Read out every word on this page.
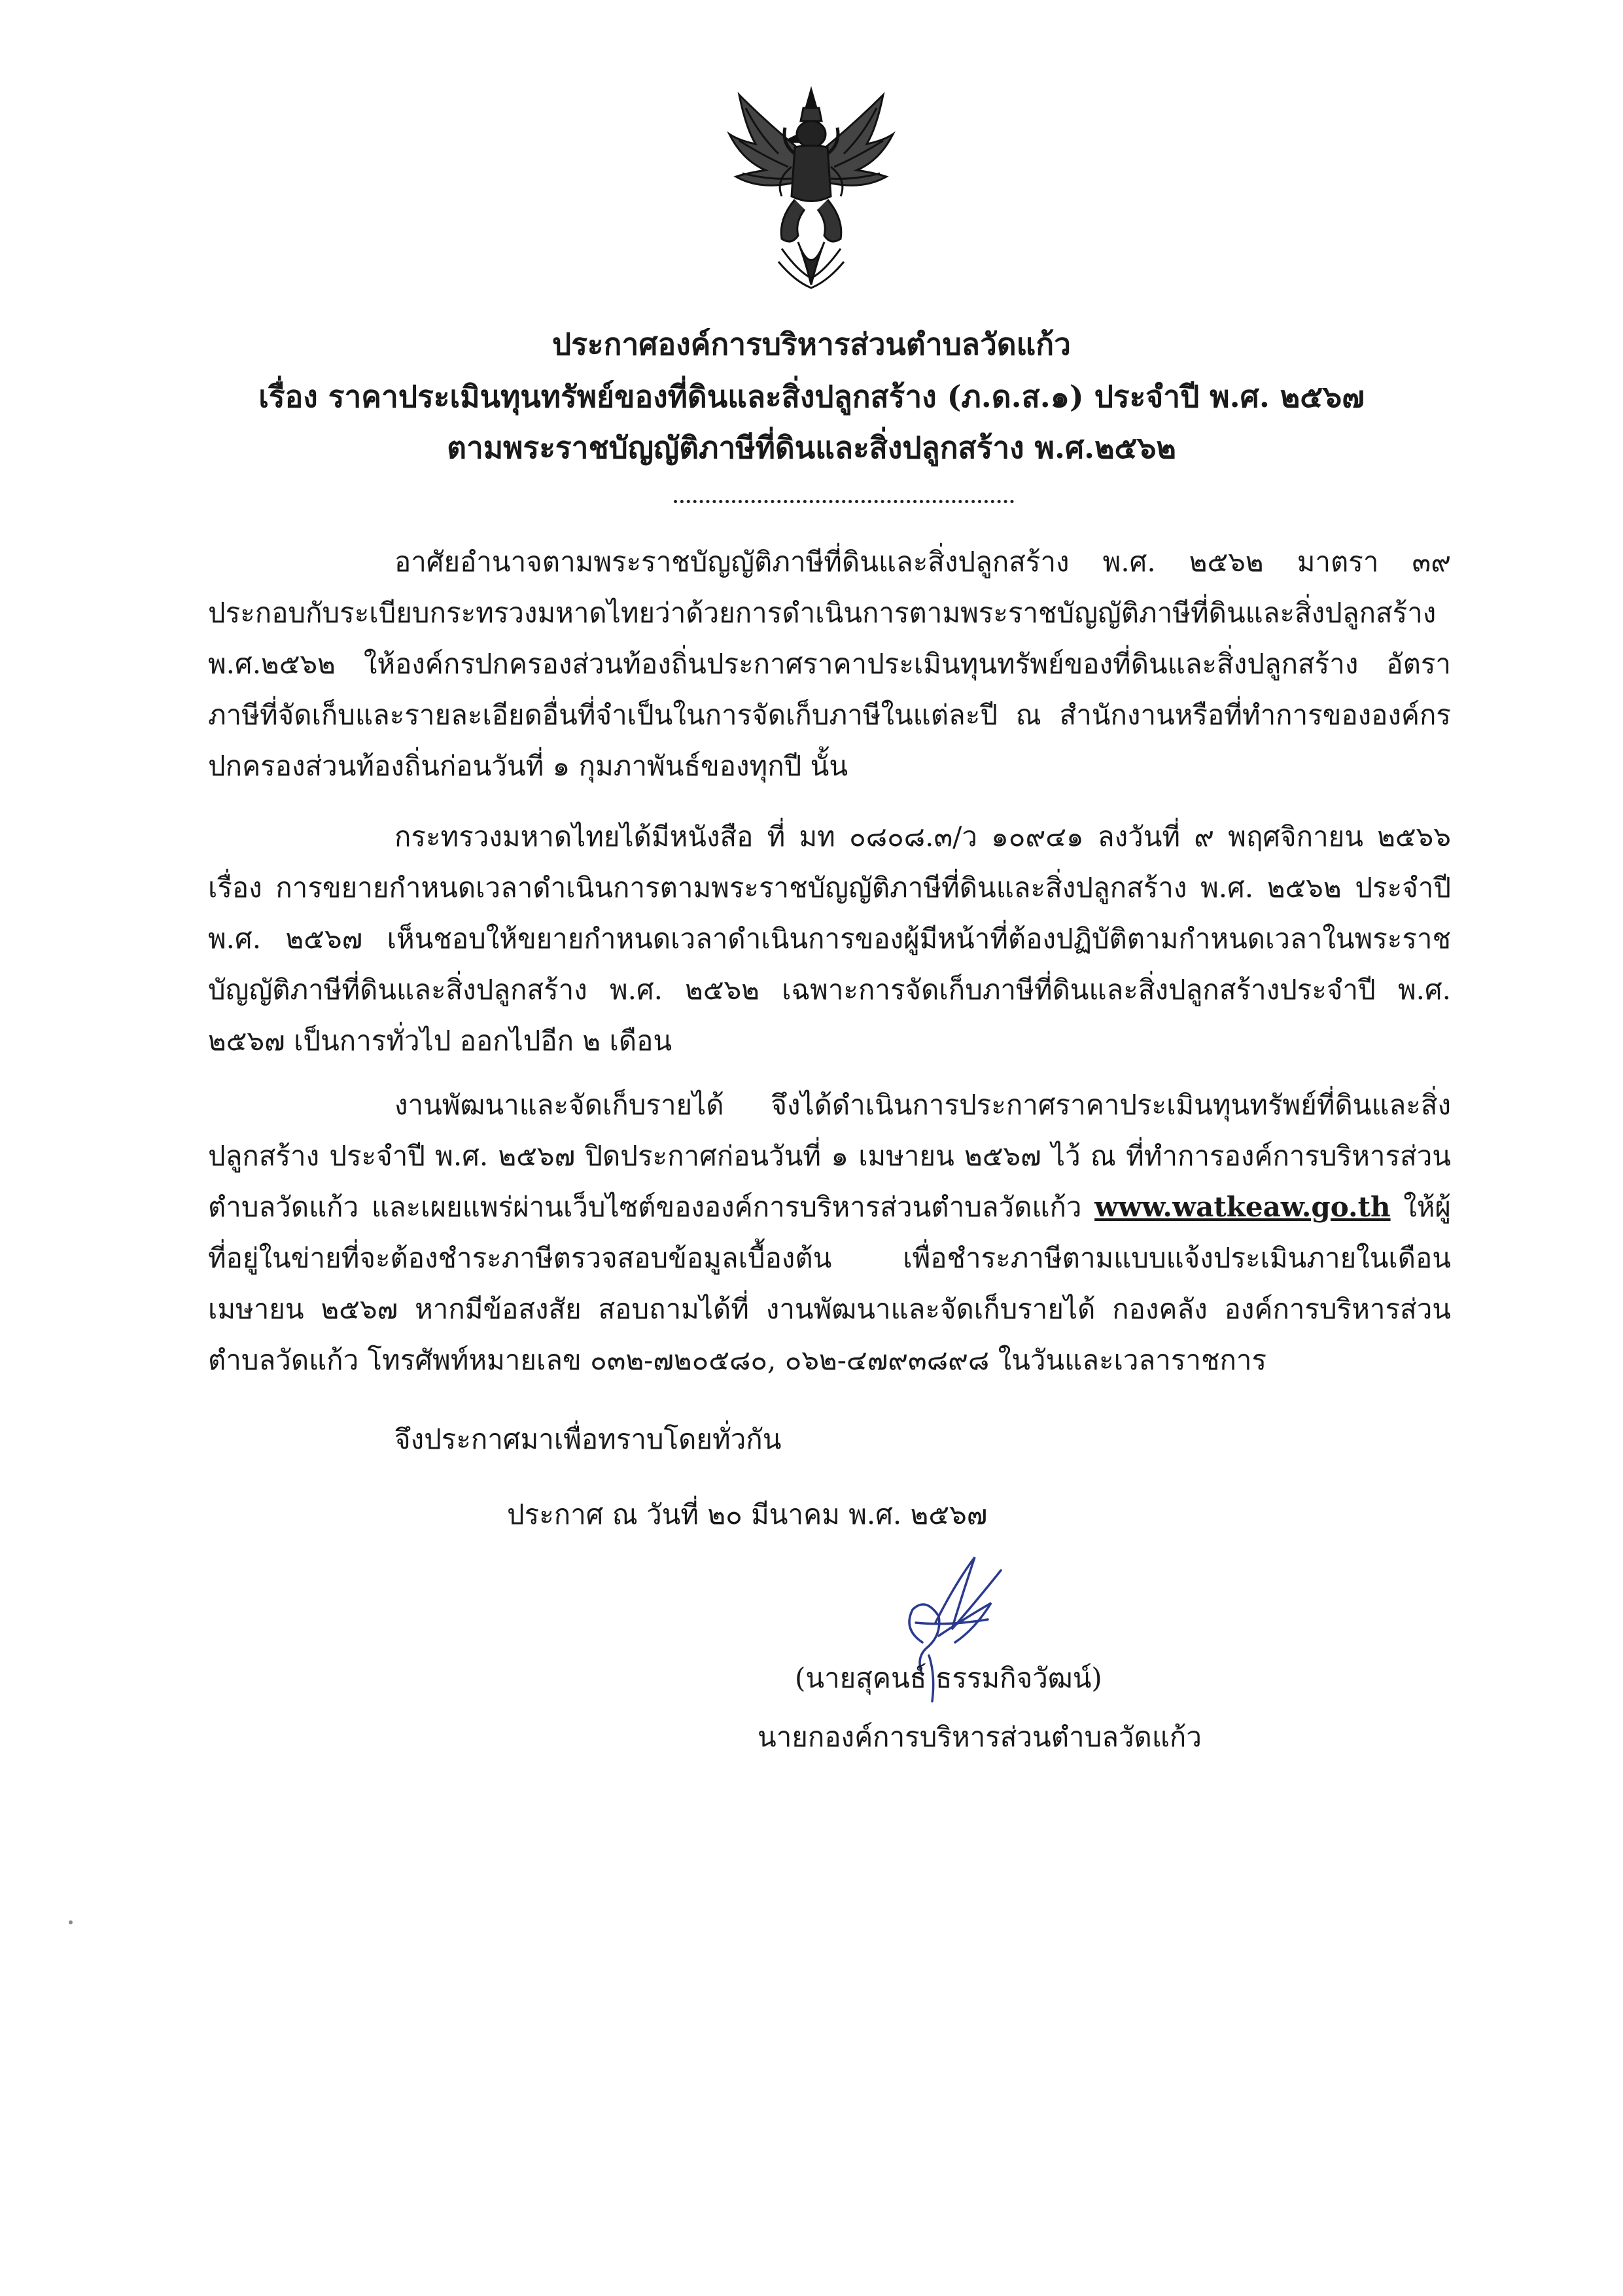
ประกาศองค์การบริหารส่วนตำบลวัดแก้ว
เรื่อง ราคาประเมินทุนทรัพย์ของที่ดินและสิ่งปลูกสร้าง (ภ.ด.ส.๑) ประจำปี พ.ศ. ๒๕๖๗
ตามพระราชบัญญัติภาษีที่ดินและสิ่งปลูกสร้าง พ.ศ.๒๕๖๒

อาศัยอำนาจตามพระราชบัญญัติภาษีที่ดินและสิ่งปลูกสร้าง พ.ศ. ๒๕๖๒ มาตรา ๓๙ ประกอบกับระเบียบกระทรวงมหาดไทยว่าด้วยการดำเนินการตามพระราชบัญญัติภาษีที่ดินและสิ่งปลูกสร้าง พ.ศ.๒๕๖๒ ให้องค์กรปกครองส่วนท้องถิ่นประกาศราคาประเมินทุนทรัพย์ของที่ดินและสิ่งปลูกสร้าง อัตราภาษีที่จัดเก็บและรายละเอียดอื่นที่จำเป็นในการจัดเก็บภาษีในแต่ละปี ณ สำนักงานหรือที่ทำการขององค์กรปกครองส่วนท้องถิ่นก่อนวันที่ ๑ กุมภาพันธ์ของทุกปี นั้น

กระทรวงมหาดไทยได้มีหนังสือ ที่ มท ๐๘๐๘.๓/ว ๑๐๙๔๑ ลงวันที่ ๙ พฤศจิกายน ๒๕๖๖ เรื่อง การขยายกำหนดเวลาดำเนินการตามพระราชบัญญัติภาษีที่ดินและสิ่งปลูกสร้าง พ.ศ. ๒๕๖๒ ประจำปี พ.ศ. ๒๕๖๗ เห็นชอบให้ขยายกำหนดเวลาดำเนินการของผู้มีหน้าที่ต้องปฏิบัติตามกำหนดเวลาในพระราชบัญญัติภาษีที่ดินและสิ่งปลูกสร้าง พ.ศ. ๒๕๖๒ เฉพาะการจัดเก็บภาษีที่ดินและสิ่งปลูกสร้างประจำปี พ.ศ. ๒๕๖๗ เป็นการทั่วไป ออกไปอีก ๒ เดือน

งานพัฒนาและจัดเก็บรายได้ จึงได้ดำเนินการประกาศราคาประเมินทุนทรัพย์ที่ดินและสิ่งปลูกสร้าง ประจำปี พ.ศ. ๒๕๖๗ ปิดประกาศก่อนวันที่ ๑ เมษายน ๒๕๖๗ ไว้ ณ ที่ทำการองค์การบริหารส่วนตำบลวัดแก้ว และเผยแพร่ผ่านเว็บไซต์ขององค์การบริหารส่วนตำบลวัดแก้ว www.watkeaw.go.th ให้ผู้ที่อยู่ในข่ายที่จะต้องชำระภาษีตรวจสอบข้อมูลเบื้องต้น เพื่อชำระภาษีตามแบบแจ้งประเมินภายในเดือน เมษายน ๒๕๖๗ หากมีข้อสงสัย สอบถามได้ที่ งานพัฒนาและจัดเก็บรายได้ กองคลัง องค์การบริหารส่วนตำบลวัดแก้ว โทรศัพท์หมายเลข ๐๓๒-๗๒๐๕๘๐, ๐๖๒-๔๗๙๓๘๙๘ ในวันและเวลาราชการ

จึงประกาศมาเพื่อทราบโดยทั่วกัน
ประกาศ ณ วันที่ ๒๐ มีนาคม พ.ศ. ๒๕๖๗
(นายสุคนธ์ ธรรมกิจวัฒน์)
นายกองค์การบริหารส่วนตำบลวัดแก้ว
